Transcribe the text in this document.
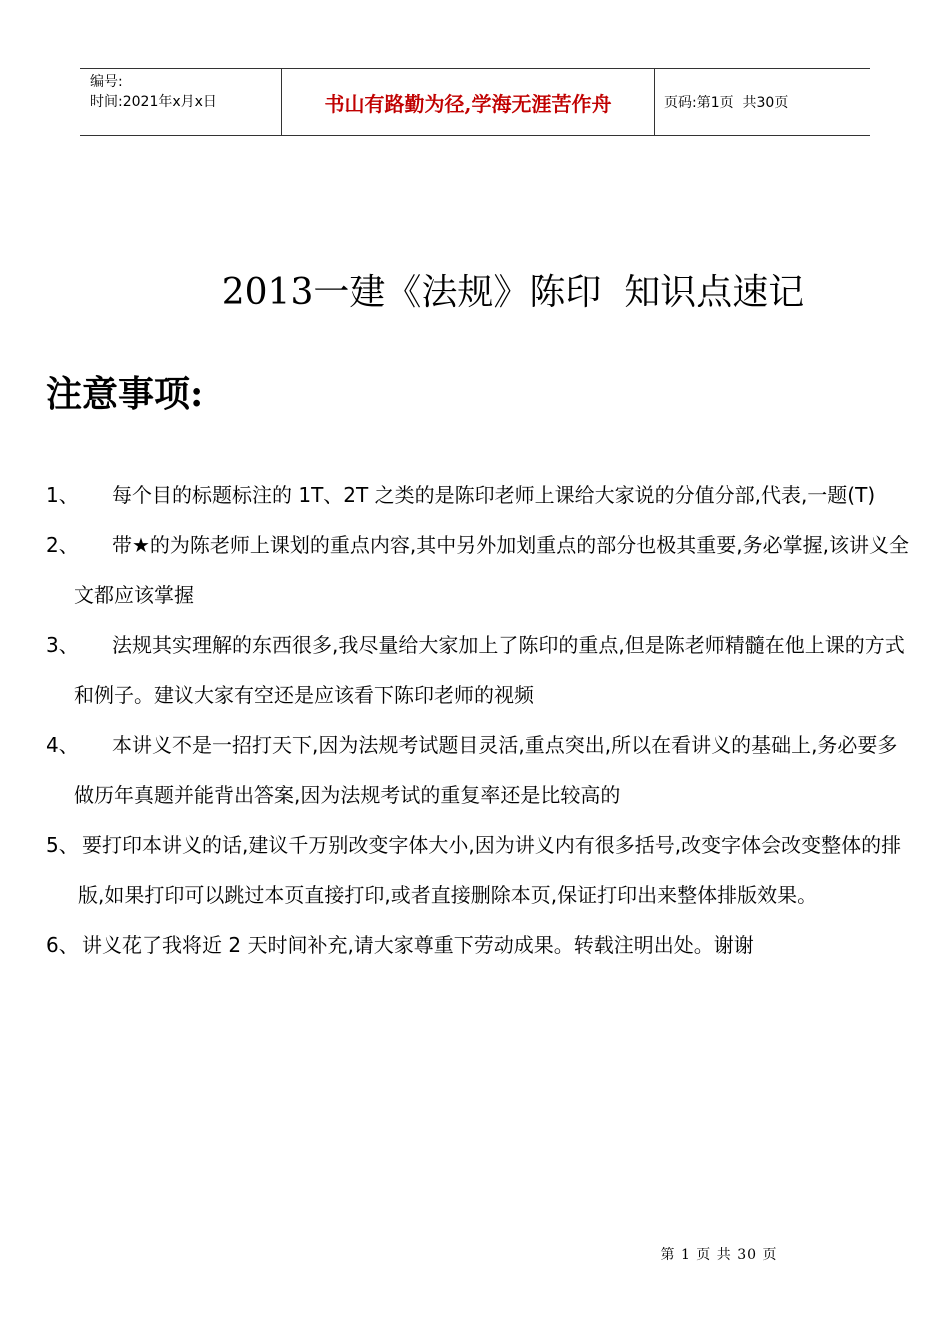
编号:
时间:2021年x月x日	书山有路勤为径,学海无涯苦作舟	页码:第1页  共30页
2013一建《法规》陈印  知识点速记
注意事项:
1、	每个目的标题标注的 1T、2T 之类的是陈印老师上课给大家说的分值分部,代表,一题(T)
2、	带★的为陈老师上课划的重点内容,其中另外加划重点的部分也极其重要,务必掌握,该讲义全文都应该掌握
3、	法规其实理解的东西很多,我尽量给大家加上了陈印的重点,但是陈老师精髓在他上课的方式和例子。建议大家有空还是应该看下陈印老师的视频
4、	本讲义不是一招打天下,因为法规考试题目灵活,重点突出,所以在看讲义的基础上,务必要多做历年真题并能背出答案,因为法规考试的重复率还是比较高的
5、 要打印本讲义的话,建议千万别改变字体大小,因为讲义内有很多括号,改变字体会改变整体的排版,如果打印可以跳过本页直接打印,或者直接删除本页,保证打印出来整体排版效果。
6、 讲义花了我将近 2 天时间补充,请大家尊重下劳动成果。转载注明出处。谢谢
第 1 页 共 30 页
